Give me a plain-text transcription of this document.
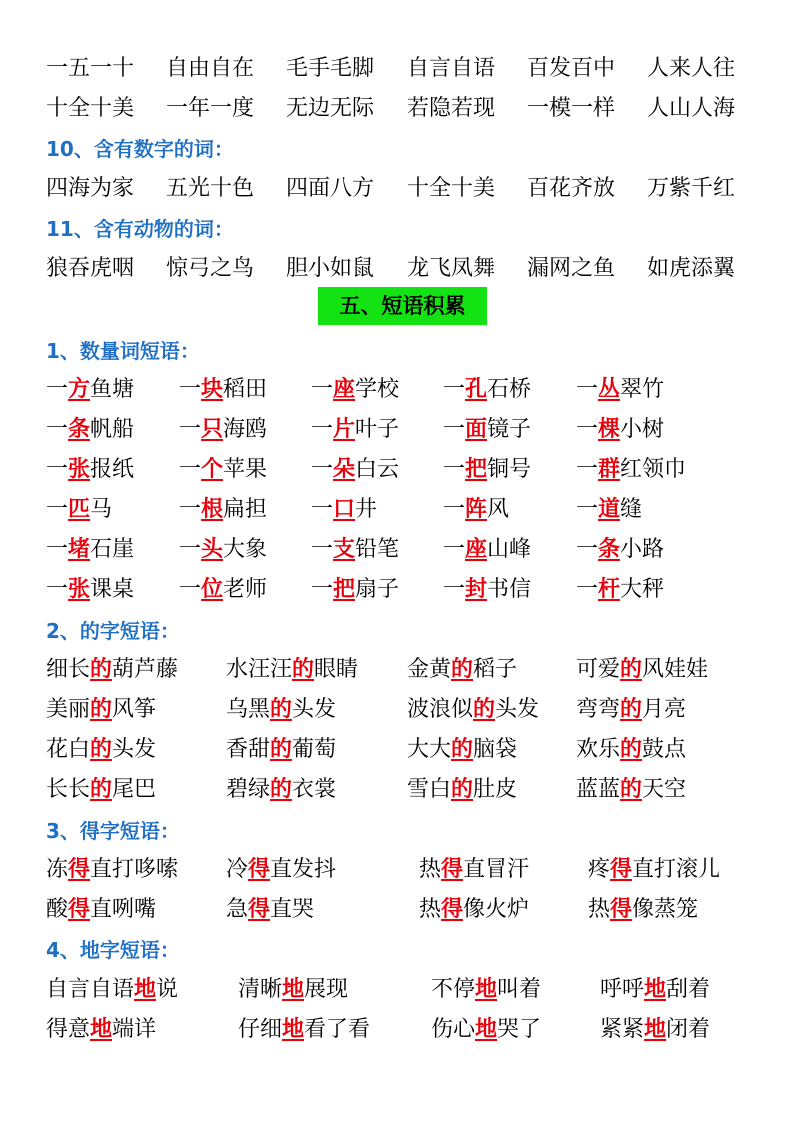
一五一十 自由自在 毛手毛脚 自言自语 百发百中 人来人往
十全十美 一年一度 无边无际 若隐若现 一模一样 人山人海
10、含有数字的词：
四海为家 五光十色 四面八方 十全十美 百花齐放 万紫千红
11、含有动物的词：
狼吞虎咽 惊弓之鸟 胆小如鼠 龙飞凤舞 漏网之鱼 如虎添翼
五、短语积累
1、数量词短语：
一方鱼塘 一块稻田 一座学校 一孔石桥 一丛翠竹
一条帆船 一只海鸥 一片叶子 一面镜子 一棵小树
一张报纸 一个苹果 一朵白云 一把铜号 一群红领巾
一匹马	一根扁担 一口井	一阵风	一道缝
一堵石崖 一头大象 一支铅笔 一座山峰 一条小路
一张课桌 一位老师 一把扇子 一封书信 一杆大秤
2、的字短语：
细长的葫芦藤 水汪汪的眼睛 金黄的稻子	可爱的风娃娃
美丽的风筝	乌黑的头发	波浪似的头发 弯弯的月亮
花白的头发	香甜的葡萄	大大的脑袋	欢乐的鼓点
长长的尾巴	碧绿的衣裳	雪白的肚皮	蓝蓝的天空
3、得字短语：
冻得直打哆嗦 冷得直发抖	热得直冒汗	疼得直打滚儿
酸得直咧嘴	急得直哭	热得像火炉	热得像蒸笼
4、地字短语：
自言自语地说	清晰地展现	不停地叫着	呼呼地刮着
得意地端详	仔细地看了看	伤心地哭了	紧紧地闭着
